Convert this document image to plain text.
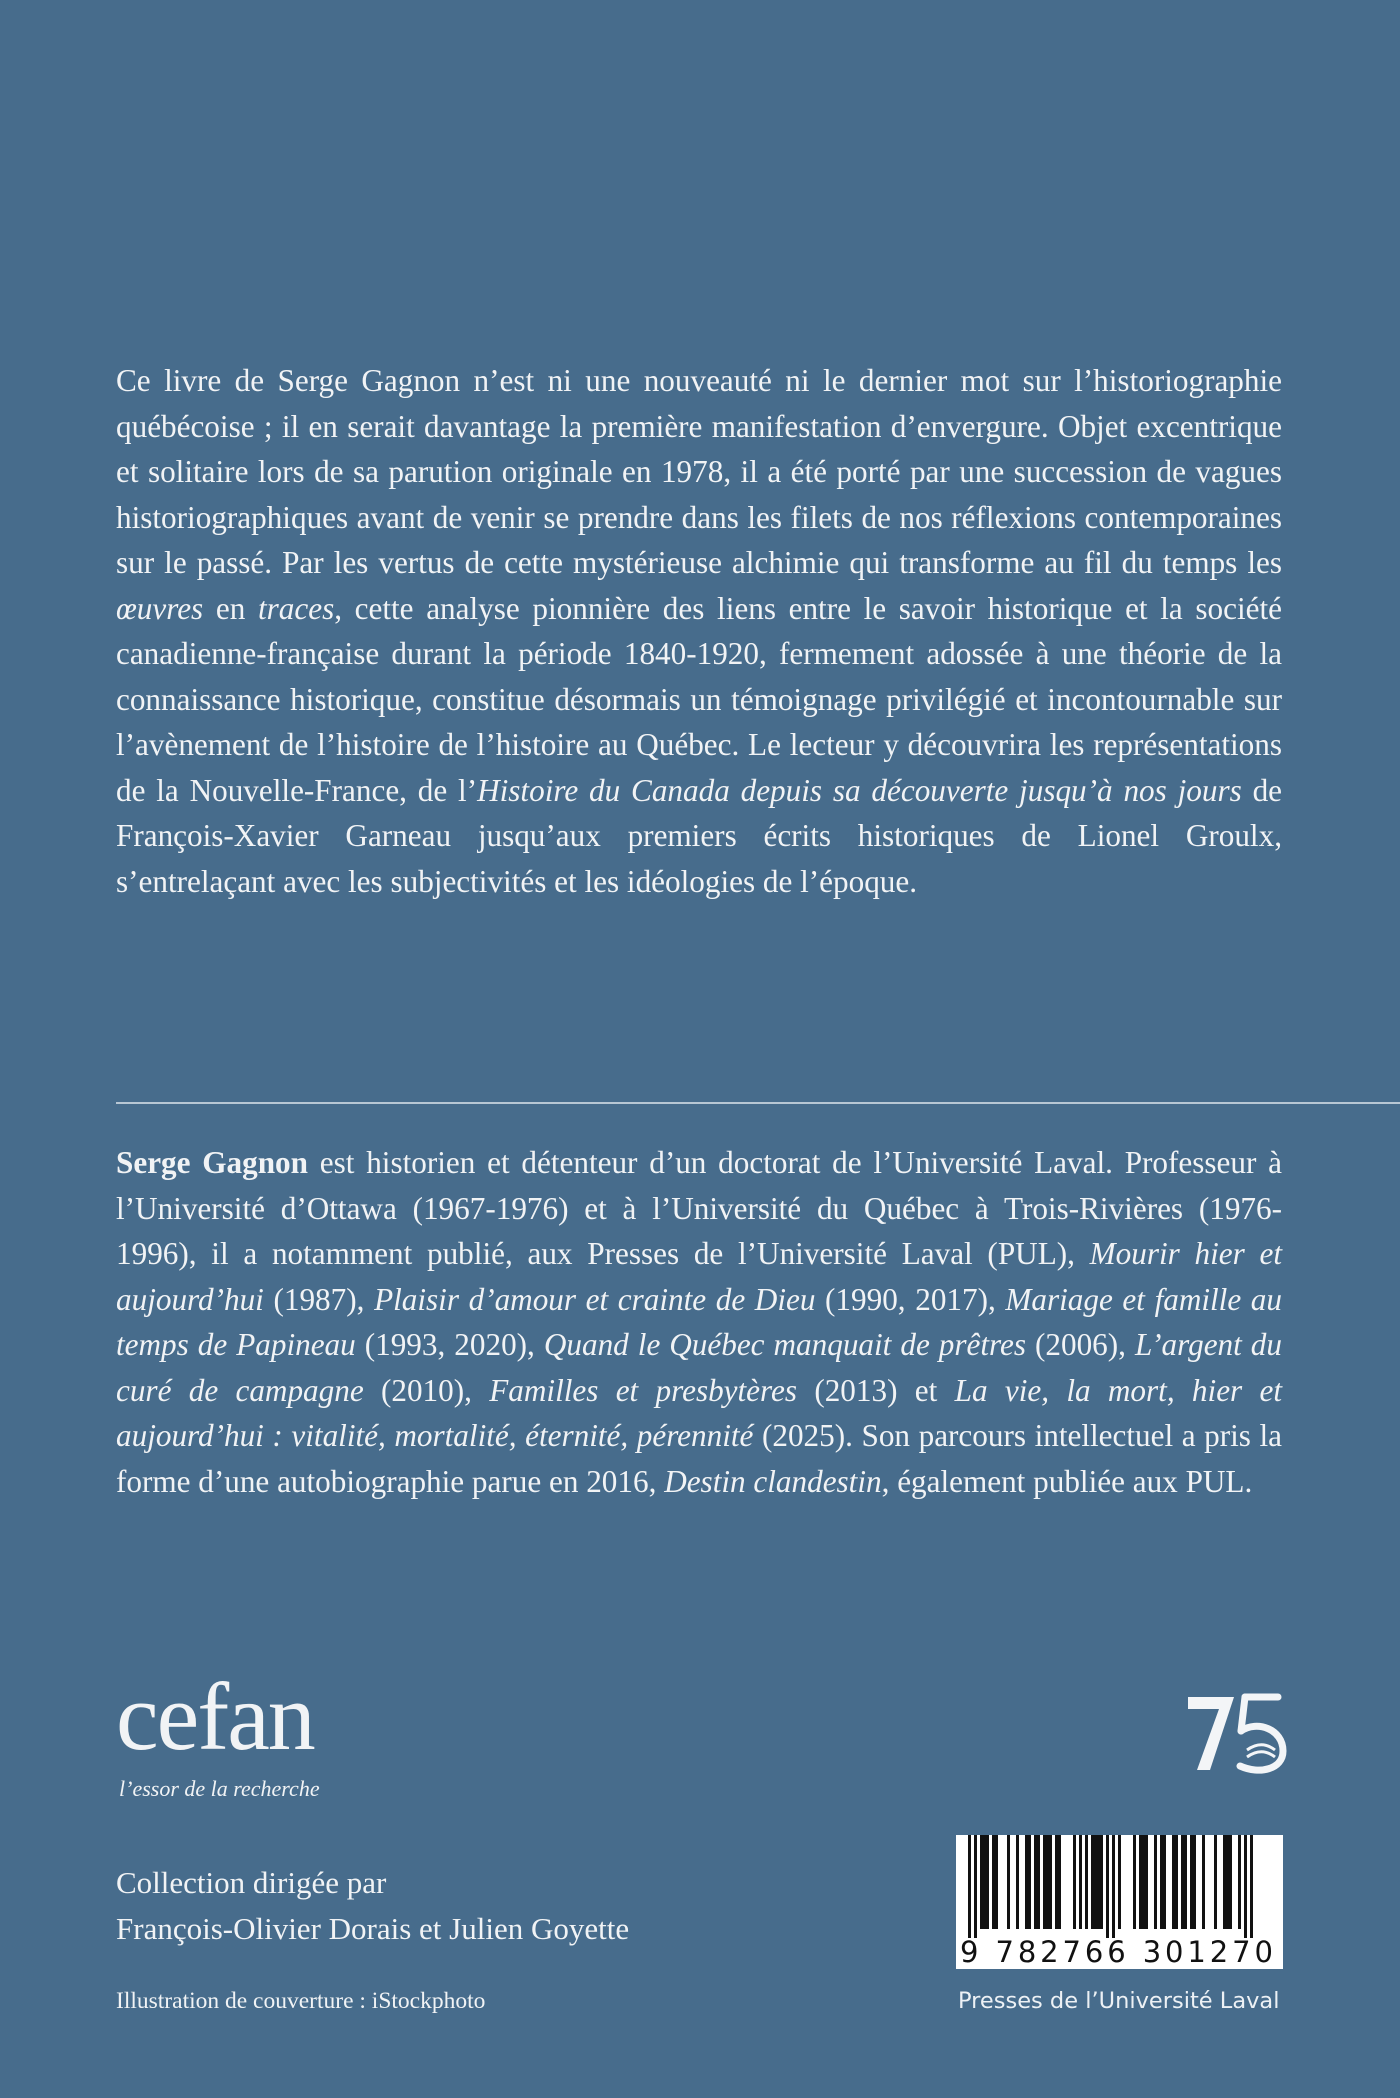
Ce livre de Serge Gagnon n’est ni une nouveauté ni le dernier mot sur l’historiographie québécoise ; il en serait davantage la première manifestation d’envergure. Objet excentrique et solitaire lors de sa parution originale en 1978, il a été porté par une succession de vagues historiographiques avant de venir se prendre dans les filets de nos réflexions contemporaines sur le passé. Par les vertus de cette mystérieuse alchimie qui transforme au fil du temps les œuvres en traces, cette analyse pionnière des liens entre le savoir historique et la société canadienne-française durant la période 1840-1920, fermement adossée à une théorie de la connaissance historique, constitue désormais un témoignage privilégié et incontournable sur l’avènement de l’histoire de l’histoire au Québec. Le lecteur y découvrira les représentations de la Nouvelle-France, de l’Histoire du Canada depuis sa découverte jusqu’à nos jours de François-Xavier Garneau jusqu’aux premiers écrits historiques de Lionel Groulx, s’entrelaçant avec les subjectivités et les idéologies de l’époque.

Serge Gagnon est historien et détenteur d’un doctorat de l’Université Laval. Professeur à l’Université d’Ottawa (1967-1976) et à l’Université du Québec à Trois-Rivières (1976-1996), il a notamment publié, aux Presses de l’Université Laval (PUL), Mourir hier et aujourd’hui (1987), Plaisir d’amour et crainte de Dieu (1990, 2017), Mariage et famille au temps de Papineau (1993, 2020), Quand le Québec manquait de prêtres (2006), L’argent du curé de campagne (2010), Familles et presbytères (2013) et La vie, la mort, hier et aujourd’hui : vitalité, mortalité, éternité, pérennité (2025). Son parcours intellectuel a pris la forme d’une autobiographie parue en 2016, Destin clandestin, également publiée aux PUL.

cefan

l’essor de la recherche

Collection dirigée par
François-Olivier Dorais et Julien Goyette

Illustration de couverture : iStockphoto

9 782766 301270

Presses de l’Université Laval
